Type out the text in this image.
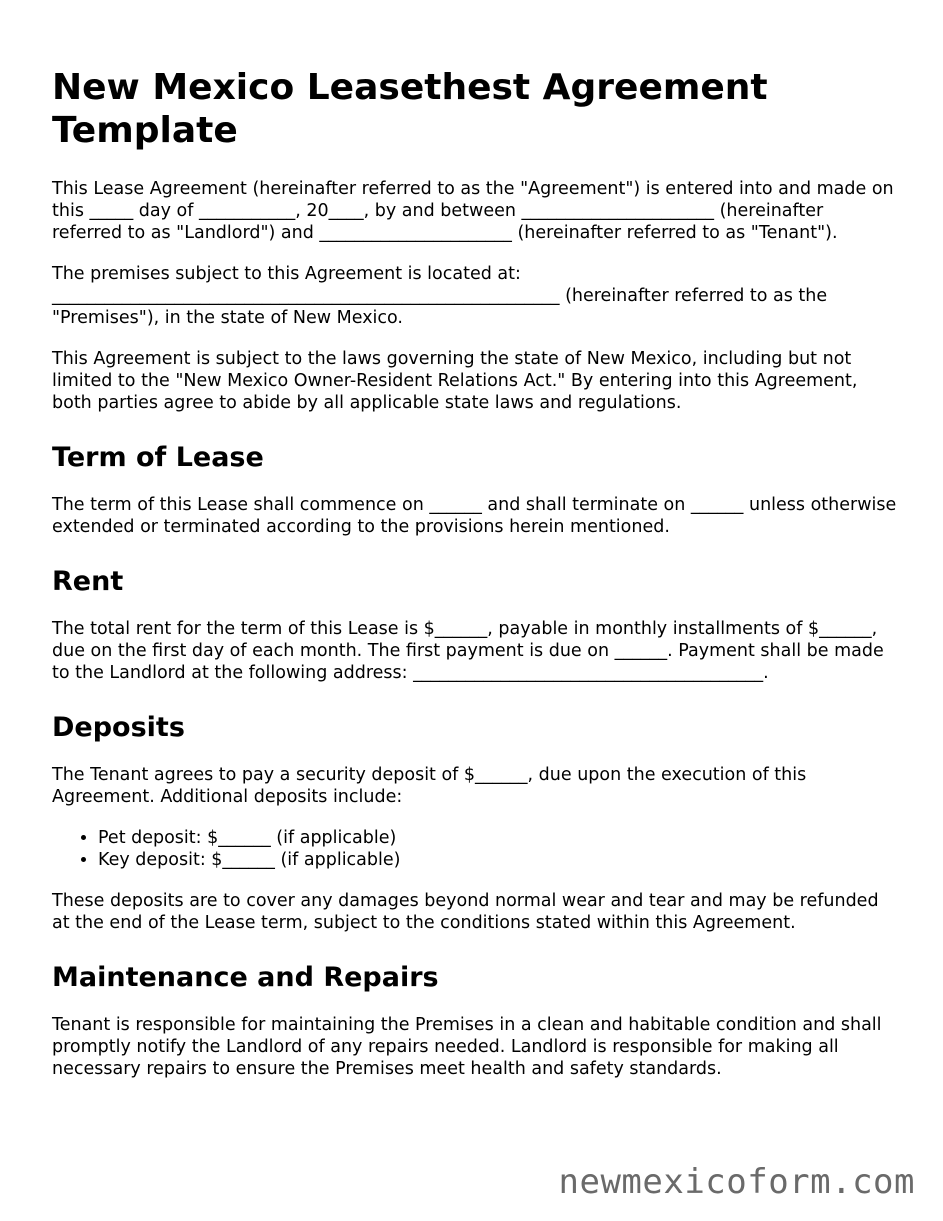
New Mexico Leasethest Agreement Template

This Lease Agreement (hereinafter referred to as the "Agreement") is entered into and made on this _____ day of ___________, 20____, by and between ______________________ (hereinafter referred to as "Landlord") and ______________________ (hereinafter referred to as "Tenant").

The premises subject to this Agreement is located at: __________________________________________________________ (hereinafter referred to as the "Premises"), in the state of New Mexico.

This Agreement is subject to the laws governing the state of New Mexico, including but not limited to the "New Mexico Owner-Resident Relations Act." By entering into this Agreement, both parties agree to abide by all applicable state laws and regulations.

Term of Lease

The term of this Lease shall commence on ______ and shall terminate on ______ unless otherwise extended or terminated according to the provisions herein mentioned.

Rent

The total rent for the term of this Lease is $______, payable in monthly installments of $______, due on the first day of each month. The first payment is due on ______. Payment shall be made to the Landlord at the following address: ________________________________________.

Deposits

The Tenant agrees to pay a security deposit of $______, due upon the execution of this Agreement. Additional deposits include:

• Pet deposit: $______ (if applicable)
• Key deposit: $______ (if applicable)

These deposits are to cover any damages beyond normal wear and tear and may be refunded at the end of the Lease term, subject to the conditions stated within this Agreement.

Maintenance and Repairs

Tenant is responsible for maintaining the Premises in a clean and habitable condition and shall promptly notify the Landlord of any repairs needed. Landlord is responsible for making all necessary repairs to ensure the Premises meet health and safety standards.

newmexicoform.com
